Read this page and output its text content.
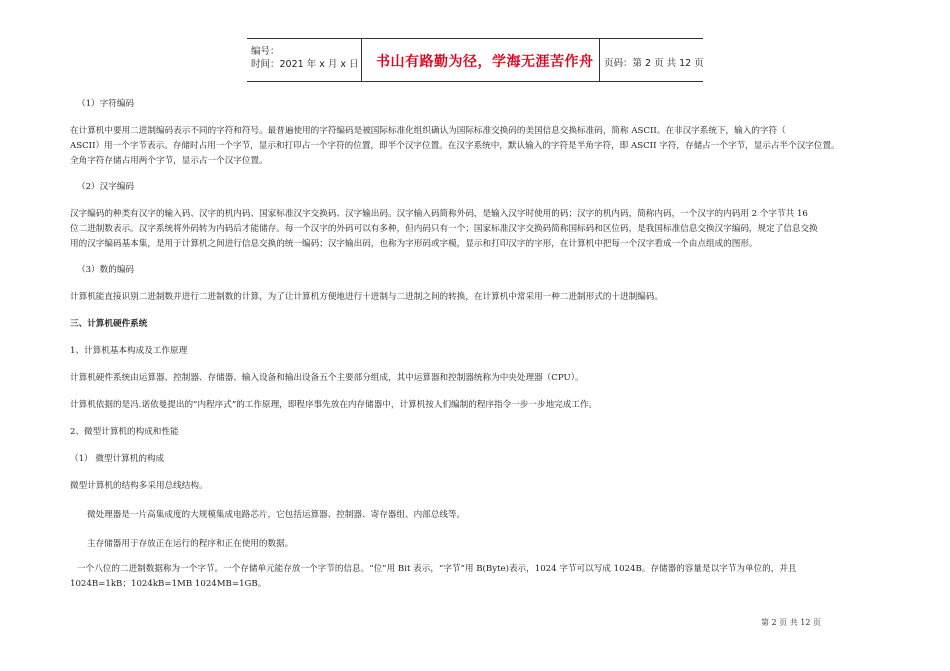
编号：
时间：2021 年 x 月 x 日 书山有路勤为径，学海无涯苦作舟 页码：第 2 页 共 12 页
（1）字符编码
在计算机中要用二进制编码表示不同的字符和符号。最普遍使用的字符编码是被国际标准化组织确认为国际标准交换码的美国信息交换标准码，简称 ASCII。在非汉字系统下，输入的字符（
ASCII）用一个字节表示。存储时占用一个字节，显示和打印占一个字符的位置，即半个汉字位置。在汉字系统中，默认输入的字符是半角字符，即 ASCII 字符，存储占一个字节，显示占半个汉字位置。
全角字符存储占用两个字节，显示占一个汉字位置。
（2）汉字编码
汉字编码的种类有汉字的输入码、汉字的机内码、国家标准汉字交换码、汉字输出码。汉字输入码简称外码，是输入汉字时使用的码；汉字的机内码，简称内码，一个汉字的内码用 2 个字节共 16
位二进制数表示。汉字系统将外码转为内码后才能储存。每一个汉字的外码可以有多种，但内码只有一个；国家标准汉字交换码简称国标码和区位码，是我国标准信息交换汉字编码，规定了信息交换
用的汉字编码基本集，是用于计算机之间进行信息交换的统一编码；汉字输出码，也称为字形码或字模，显示和打印汉字的字形，在计算机中把每一个汉字看成一个由点组成的图形。
（3）数的编码
计算机能直接识别二进制数并进行二进制数的计算，为了让计算机方便地进行十进制与二进制之间的转换，在计算机中常采用一种二进制形式的十进制编码。
三、计算机硬件系统
1、计算机基本构成及工作原理
计算机硬件系统由运算器、控制器、存储器、输入设备和输出设备五个主要部分组成，其中运算器和控制器统称为中央处理器（CPU）。
计算机依据的是冯.诺依曼提出的“内程序式”的工作原理，即程序事先放在内存储器中，计算机按人们编制的程序指令一步一步地完成工作。
2、微型计算机的构成和性能
（1） 微型计算机的构成
微型计算机的结构多采用总线结构。
微处理器是一片高集成度的大规模集成电路芯片，它包括运算器、控制器、寄存器组、内部总线等。
主存储器用于存放正在运行的程序和正在使用的数据。
一个八位的二进制数据称为一个字节。一个存储单元能存放一个字节的信息。“位”用 Bit 表示，“字节”用 B(Byte)表示，1024 字节可以写成 1024B。存储器的容量是以字节为单位的，并且
1024B=1kB；1024kB=1MB 1024MB=1GB。
第 2 页 共 12 页
